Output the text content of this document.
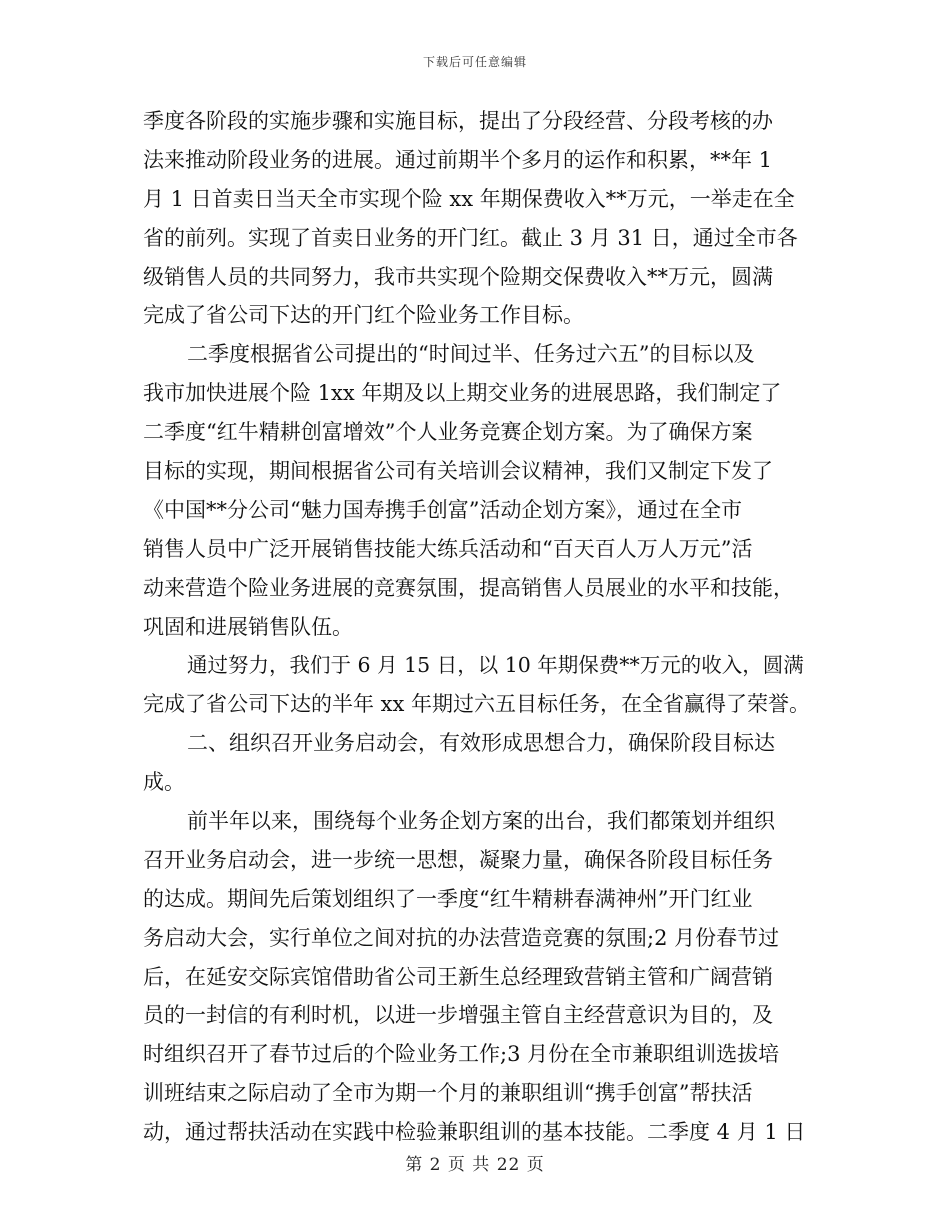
下载后可任意编辑
季度各阶段的实施步骤和实施目标，提出了分段经营、分段考核的办
法来推动阶段业务的进展。通过前期半个多月的运作和积累，**年 1
月 1 日首卖日当天全市实现个险 xx 年期保费收入**万元，一举走在全
省的前列。实现了首卖日业务的开门红。截止 3 月 31 日，通过全市各
级销售人员的共同努力，我市共实现个险期交保费收入**万元，圆满
完成了省公司下达的开门红个险业务工作目标。
二季度根据省公司提出的“时间过半、任务过六五”的目标以及
我市加快进展个险 1xx 年期及以上期交业务的进展思路，我们制定了
二季度“红牛精耕创富增效”个人业务竞赛企划方案。为了确保方案
目标的实现，期间根据省公司有关培训会议精神，我们又制定下发了
《中国**分公司“魅力国寿携手创富”活动企划方案》，通过在全市
销售人员中广泛开展销售技能大练兵活动和“百天百人万人万元”活
动来营造个险业务进展的竞赛氛围，提高销售人员展业的水平和技能，
巩固和进展销售队伍。
通过努力，我们于 6 月 15 日，以 10 年期保费**万元的收入，圆满
完成了省公司下达的半年 xx 年期过六五目标任务，在全省赢得了荣誉。
二、组织召开业务启动会，有效形成思想合力，确保阶段目标达
成。
前半年以来，围绕每个业务企划方案的出台，我们都策划并组织
召开业务启动会，进一步统一思想，凝聚力量，确保各阶段目标任务
的达成。期间先后策划组织了一季度“红牛精耕春满神州”开门红业
务启动大会，实行单位之间对抗的办法营造竞赛的氛围;2 月份春节过
后，在延安交际宾馆借助省公司王新生总经理致营销主管和广阔营销
员的一封信的有利时机，以进一步增强主管自主经营意识为目的，及
时组织召开了春节过后的个险业务工作;3 月份在全市兼职组训选拔培
训班结束之际启动了全市为期一个月的兼职组训“携手创富”帮扶活
动，通过帮扶活动在实践中检验兼职组训的基本技能。二季度 4 月 1 日
第 2 页 共 22 页
